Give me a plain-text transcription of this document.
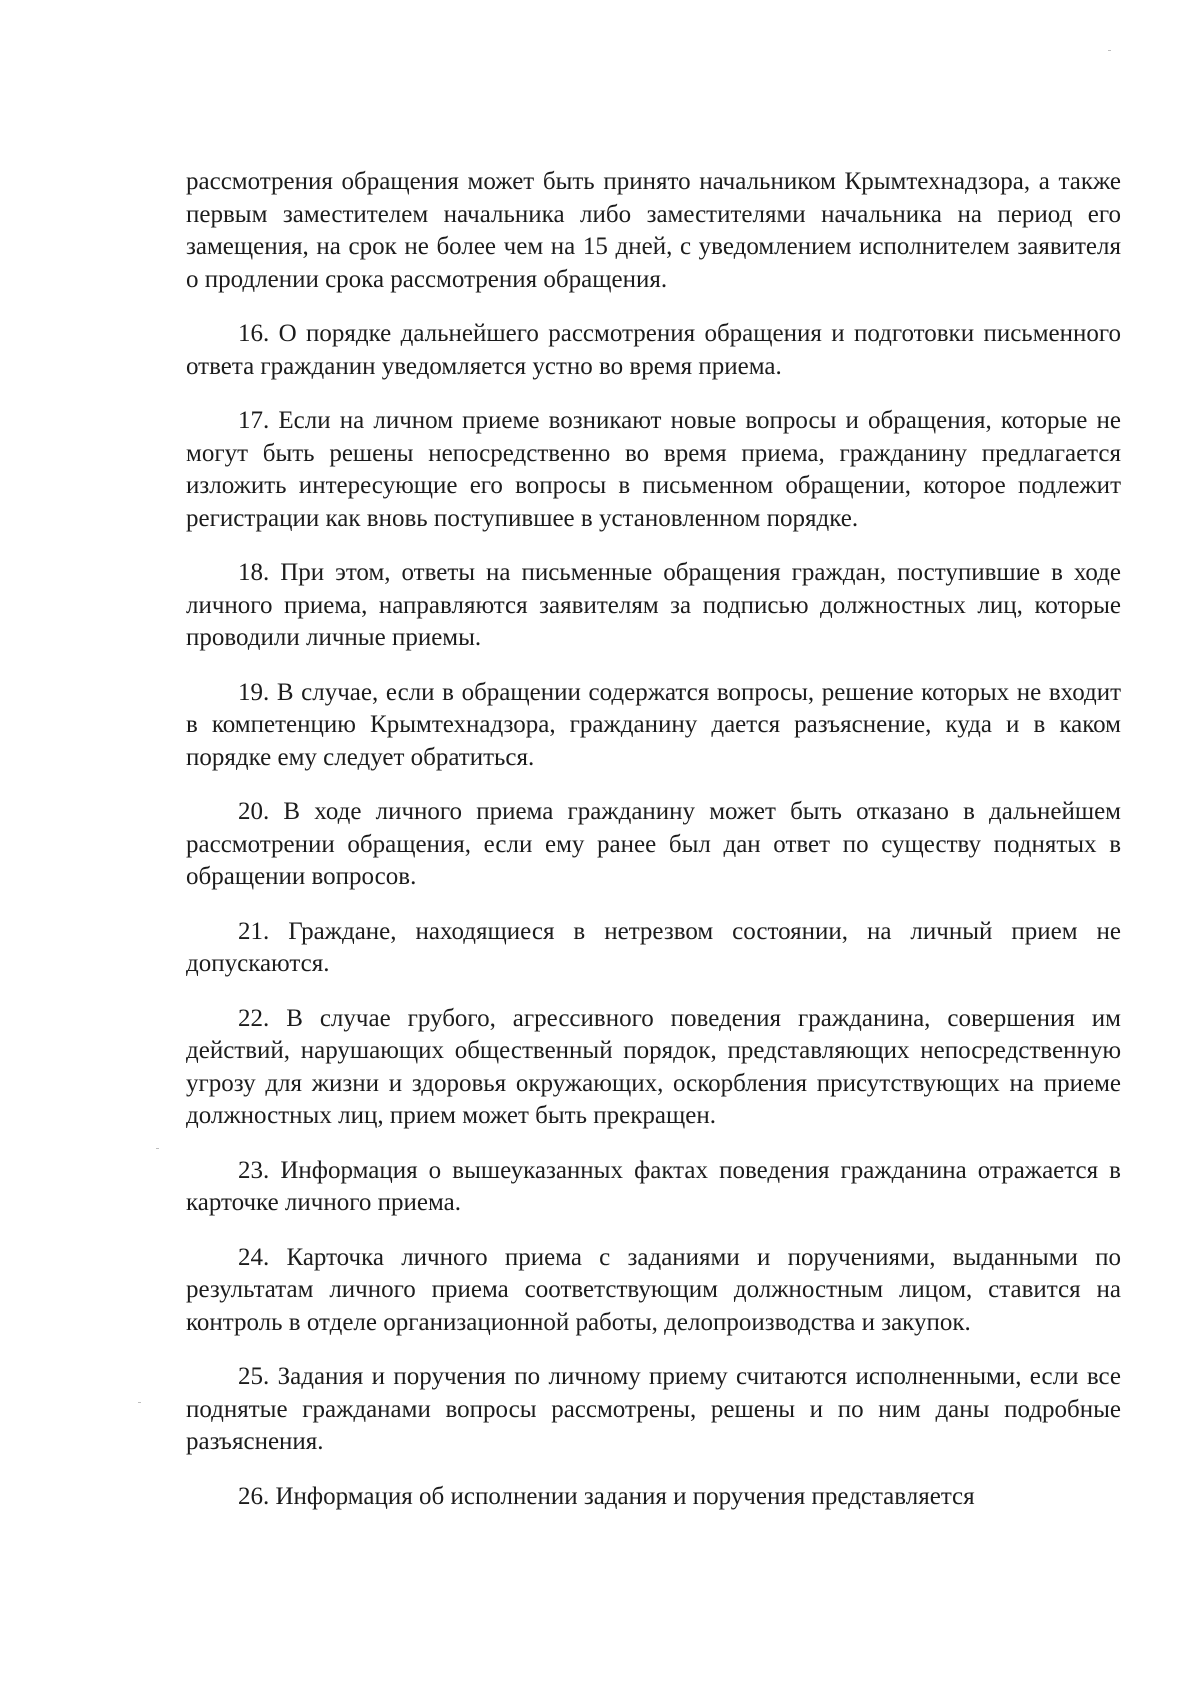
рассмотрения обращения может быть принято начальником Крымтехнадзора, а также первым заместителем начальника либо заместителями начальника на период его замещения, на срок не более чем на 15 дней, с уведомлением исполнителем заявителя о продлении срока рассмотрения обращения.

16. О порядке дальнейшего рассмотрения обращения и подготовки письменного ответа гражданин уведомляется устно во время приема.

17. Если на личном приеме возникают новые вопросы и обращения, которые не могут быть решены непосредственно во время приема, гражданину предлагается изложить интересующие его вопросы в письменном обращении, которое подлежит регистрации как вновь поступившее в установленном порядке.

18. При этом, ответы на письменные обращения граждан, поступившие в ходе личного приема, направляются заявителям за подписью должностных лиц, которые проводили личные приемы.

19. В случае, если в обращении содержатся вопросы, решение которых не входит в компетенцию Крымтехнадзора, гражданину дается разъяснение, куда и в каком порядке ему следует обратиться.

20. В ходе личного приема гражданину может быть отказано в дальнейшем рассмотрении обращения, если ему ранее был дан ответ по существу поднятых в обращении вопросов.

21. Граждане, находящиеся в нетрезвом состоянии, на личный прием не допускаются.

22. В случае грубого, агрессивного поведения гражданина, совершения им действий, нарушающих общественный порядок, представляющих непосредственную угрозу для жизни и здоровья окружающих, оскорбления присутствующих на приеме должностных лиц, прием может быть прекращен.

23. Информация о вышеуказанных фактах поведения гражданина отражается в карточке личного приема.

24. Карточка личного приема с заданиями и поручениями, выданными по результатам личного приема соответствующим должностным лицом, ставится на контроль в отделе организационной работы, делопроизводства и закупок.

25. Задания и поручения по личному приему считаются исполненными, если все поднятые гражданами вопросы рассмотрены, решены и по ним даны подробные разъяснения.

26. Информация об исполнении задания и поручения представляется
